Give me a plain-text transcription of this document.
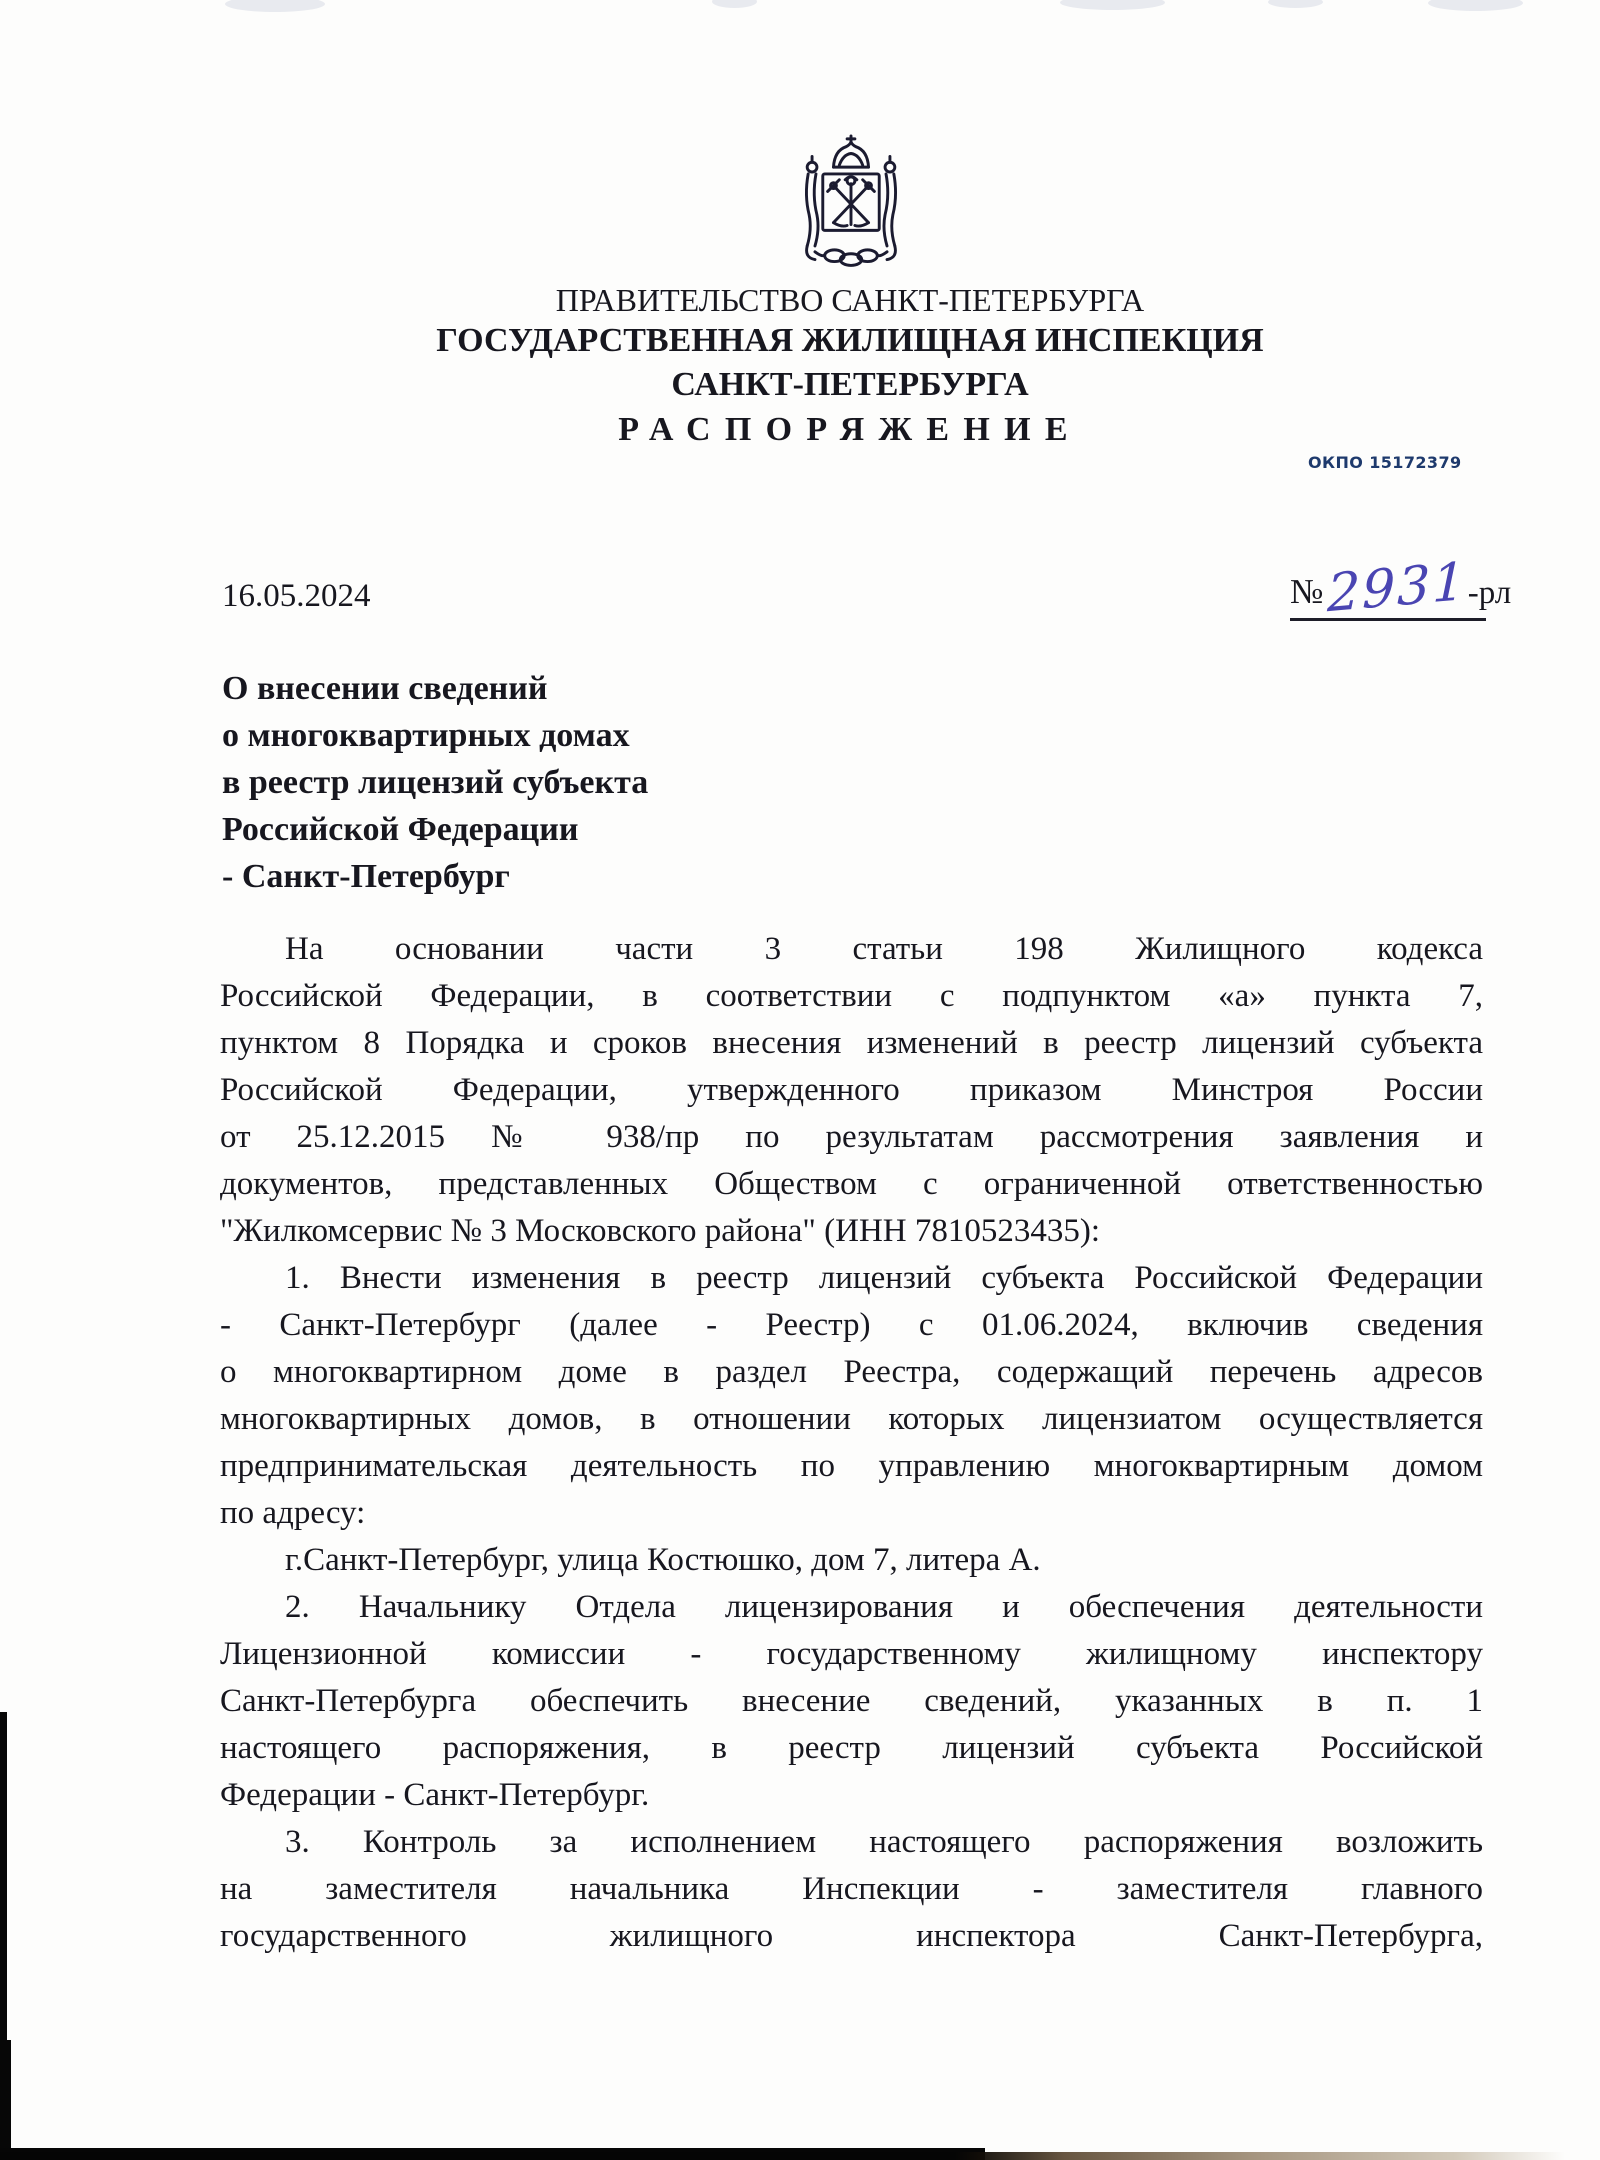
ПРАВИТЕЛЬСТВО САНКТ-ПЕТЕРБУРГА
ГОСУДАРСТВЕННАЯ ЖИЛИЩНАЯ ИНСПЕКЦИЯ
САНКТ-ПЕТЕРБУРГА
РАСПОРЯЖЕНИЕ
ОКПО 15172379
16.05.2024	№2931-рл
О внесении сведений
о многоквартирных домах
в реестр лицензий субъекта
Российской Федерации
- Санкт-Петербург
На основании части 3 статьи 198 Жилищного кодекса
Российской Федерации, в соответствии с подпунктом «а» пункта 7,
пунктом 8 Порядка и сроков внесения изменений в реестр лицензий субъекта
Российской Федерации, утвержденного приказом Минстроя России
от 25.12.2015 № 938/пр по результатам рассмотрения заявления и
документов, представленных Обществом с ограниченной ответственностью
"Жилкомсервис № 3 Московского района" (ИНН 7810523435):
1. Внести изменения в реестр лицензий субъекта Российской Федерации
- Санкт-Петербург (далее - Реестр) с 01.06.2024, включив сведения
о многоквартирном доме в раздел Реестра, содержащий перечень адресов
многоквартирных домов, в отношении которых лицензиатом осуществляется
предпринимательская деятельность по управлению многоквартирным домом
по адресу:
г.Санкт-Петербург, улица Костюшко, дом 7, литера А.
2. Начальнику Отдела лицензирования и обеспечения деятельности
Лицензионной комиссии - государственному жилищному инспектору
Санкт-Петербурга обеспечить внесение сведений, указанных в п. 1
настоящего распоряжения, в реестр лицензий субъекта Российской
Федерации - Санкт-Петербург.
3. Контроль за исполнением настоящего распоряжения возложить
на заместителя начальника Инспекции - заместителя главного
государственного жилищного инспектора Санкт-Петербурга,
